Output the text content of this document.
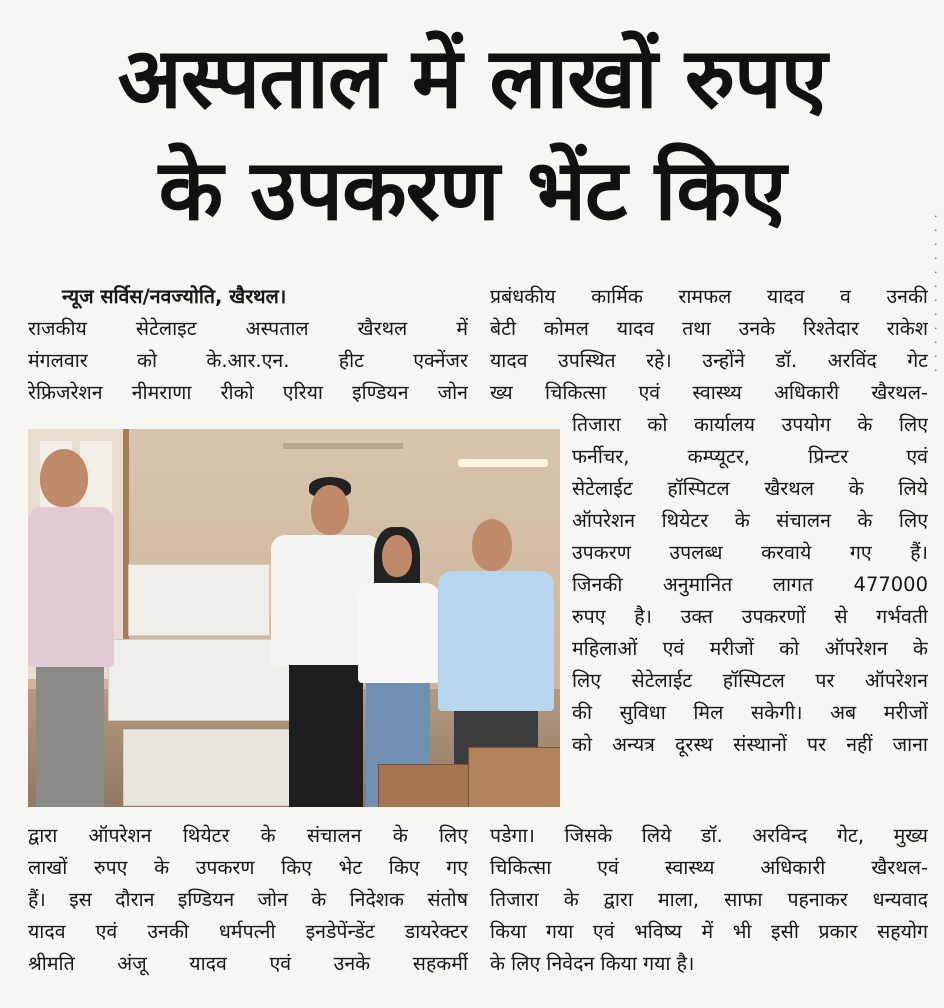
अस्पताल में लाखों रुपए
के उपकरण भेंट किए
न्यूज सर्विस/नवज्योति, खैरथल।
राजकीय सेटेलाइट अस्पताल खैरथल में
मंगलवार को के.आर.एन. हीट एक्नेंजर
रेफ्रिजरेशन नीमराणा रीको एरिया इण्डियन जोन
द्वारा ऑपरेशन थियेटर के संचालन के लिए
लाखों रुपए के उपकरण किए भेट किए गए
हैं। इस दौरान इण्डियन जोन के निदेशक संतोष
यादव एवं उनकी धर्मपत्नी इनडेपेंन्डेंट डायरेक्टर
श्रीमति अंजू यादव एवं उनके सहकर्मी
प्रबंधकीय कार्मिक रामफल यादव व उनकी
बेटी कोमल यादव तथा उनके रिश्तेदार राकेश
यादव उपस्थित रहे। उन्होंने डॉ. अरविंद गेट
ख्य चिकित्सा एवं स्वास्थ्य अधिकारी खैरथल-
तिजारा को कार्यालय उपयोग के लिए
फर्नीचर, कम्प्यूटर, प्रिन्टर एवं
सेटेलाईट हॉस्पिटल खैरथल के लिये
ऑपरेशन थियेटर के संचालन के लिए
उपकरण उपलब्ध करवाये गए हैं।
जिनकी अनुमानित लागत 477000
रुपए है। उक्त उपकरणों से गर्भवती
महिलाओं एवं मरीजों को ऑपरेशन के
लिए सेटेलाईट हॉस्पिटल पर ऑपरेशन
की सुविधा मिल सकेगी। अब मरीजों
को अन्यत्र दूरस्थ संस्थानों पर नहीं जाना
पडेगा। जिसके लिये डॉ. अरविन्द गेट, मुख्य
चिकित्सा एवं स्वास्थ्य अधिकारी खैरथल-
तिजारा के द्वारा माला, साफा पहनाकर धन्यवाद
किया गया एवं भविष्य में भी इसी प्रकार सहयोग
के लिए निवेदन किया गया है।
·
·
·
·
·
·
·
·
·
·
·
·
